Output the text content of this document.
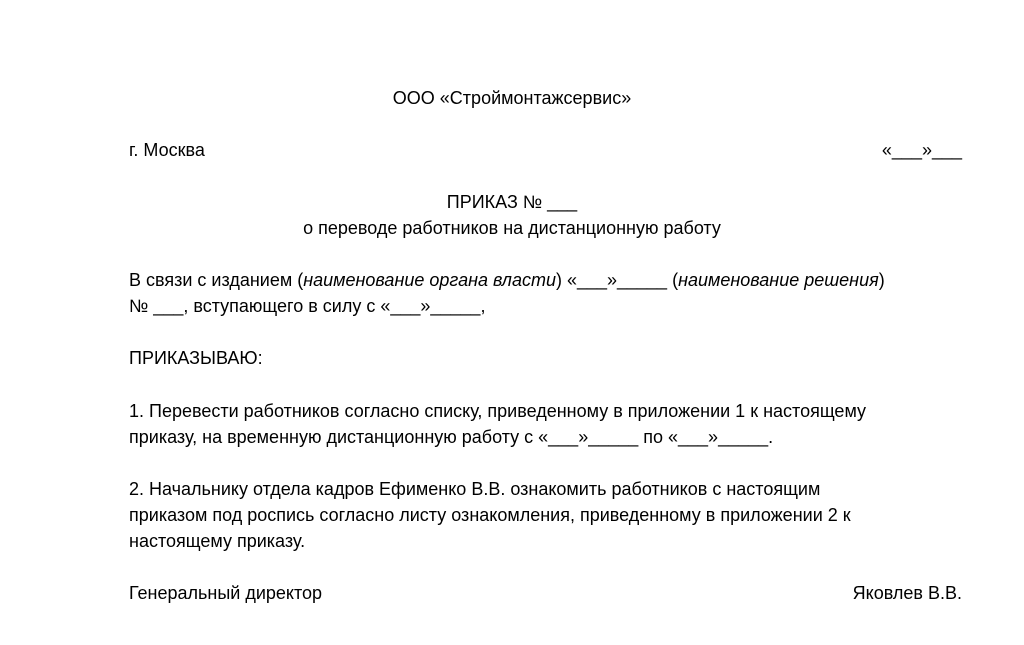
ООО «Строймонтажсервис»
г. Москва	«___»___
ПРИКАЗ № ___
о переводе работников на дистанционную работу
В связи с изданием (наименование органа власти) «___»_____ (наименование решения)
№ ___, вступающего в силу с «___»_____,
ПРИКАЗЫВАЮ:
1. Перевести работников согласно списку, приведенному в приложении 1 к настоящему
приказу, на временную дистанционную работу с «___»_____ по «___»_____.
2. Начальнику отдела кадров Ефименко В.В. ознакомить работников с настоящим
приказом под роспись согласно листу ознакомления, приведенному в приложении 2 к
настоящему приказу.
Генеральный директор	Яковлев В.В.
